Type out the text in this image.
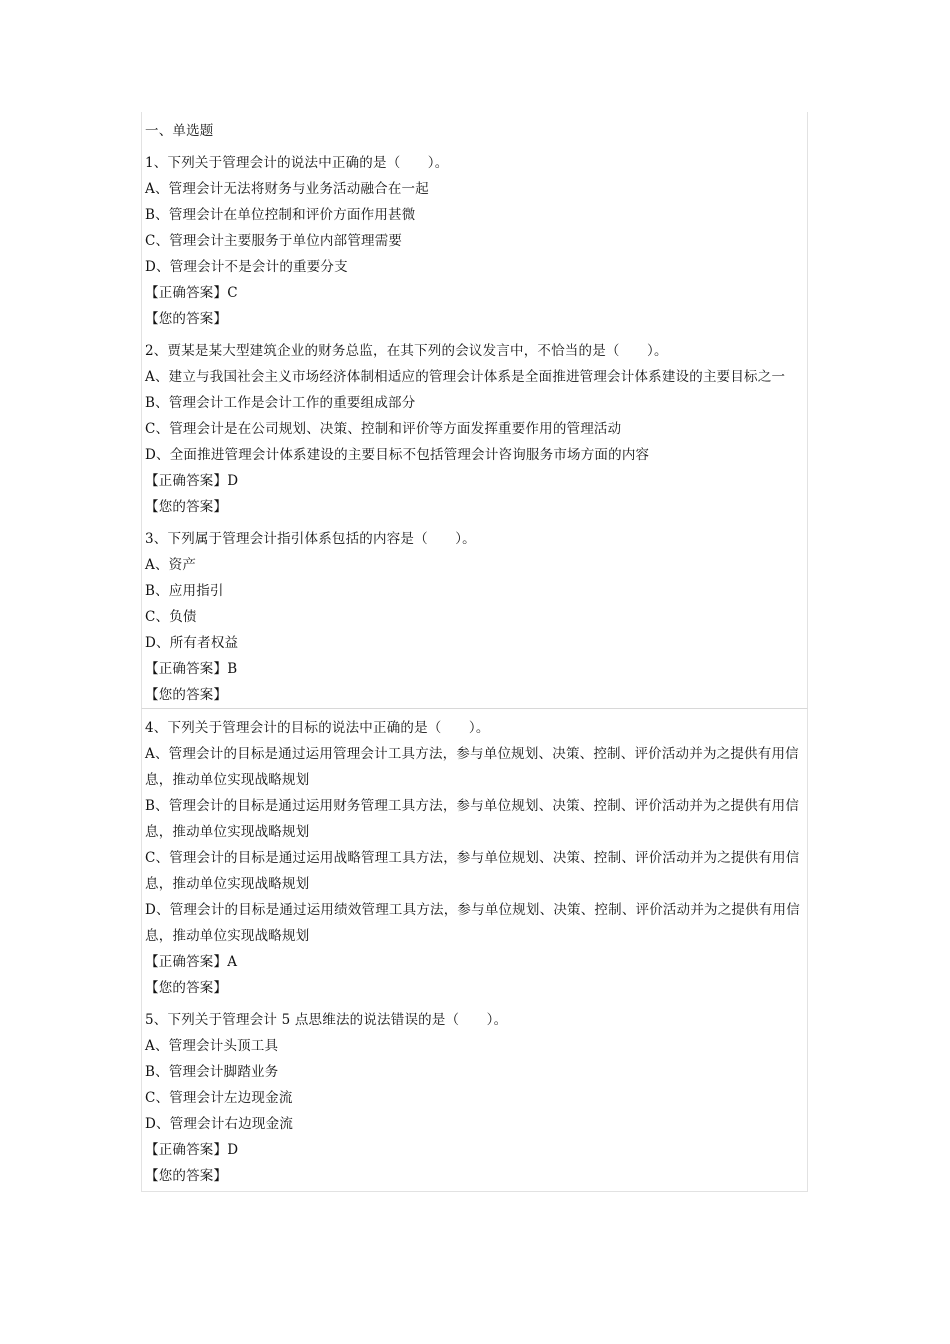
一、单选题
1、下列关于管理会计的说法中正确的是（　　）。
A、管理会计无法将财务与业务活动融合在一起
B、管理会计在单位控制和评价方面作用甚微
C、管理会计主要服务于单位内部管理需要
D、管理会计不是会计的重要分支
【正确答案】C
【您的答案】
2、贾某是某大型建筑企业的财务总监，在其下列的会议发言中，不恰当的是（　　）。
A、建立与我国社会主义市场经济体制相适应的管理会计体系是全面推进管理会计体系建设的主要目标之一
B、管理会计工作是会计工作的重要组成部分
C、管理会计是在公司规划、决策、控制和评价等方面发挥重要作用的管理活动
D、全面推进管理会计体系建设的主要目标不包括管理会计咨询服务市场方面的内容
【正确答案】D
【您的答案】
3、下列属于管理会计指引体系包括的内容是（　　）。
A、资产
B、应用指引
C、负债
D、所有者权益
【正确答案】B
【您的答案】
4、下列关于管理会计的目标的说法中正确的是（　　）。
A、管理会计的目标是通过运用管理会计工具方法，参与单位规划、决策、控制、评价活动并为之提供有用信息，推动单位实现战略规划
B、管理会计的目标是通过运用财务管理工具方法，参与单位规划、决策、控制、评价活动并为之提供有用信息，推动单位实现战略规划
C、管理会计的目标是通过运用战略管理工具方法，参与单位规划、决策、控制、评价活动并为之提供有用信息，推动单位实现战略规划
D、管理会计的目标是通过运用绩效管理工具方法，参与单位规划、决策、控制、评价活动并为之提供有用信息，推动单位实现战略规划
【正确答案】A
【您的答案】
5、下列关于管理会计 5 点思维法的说法错误的是（　　）。
A、管理会计头顶工具
B、管理会计脚踏业务
C、管理会计左边现金流
D、管理会计右边现金流
【正确答案】D
【您的答案】
